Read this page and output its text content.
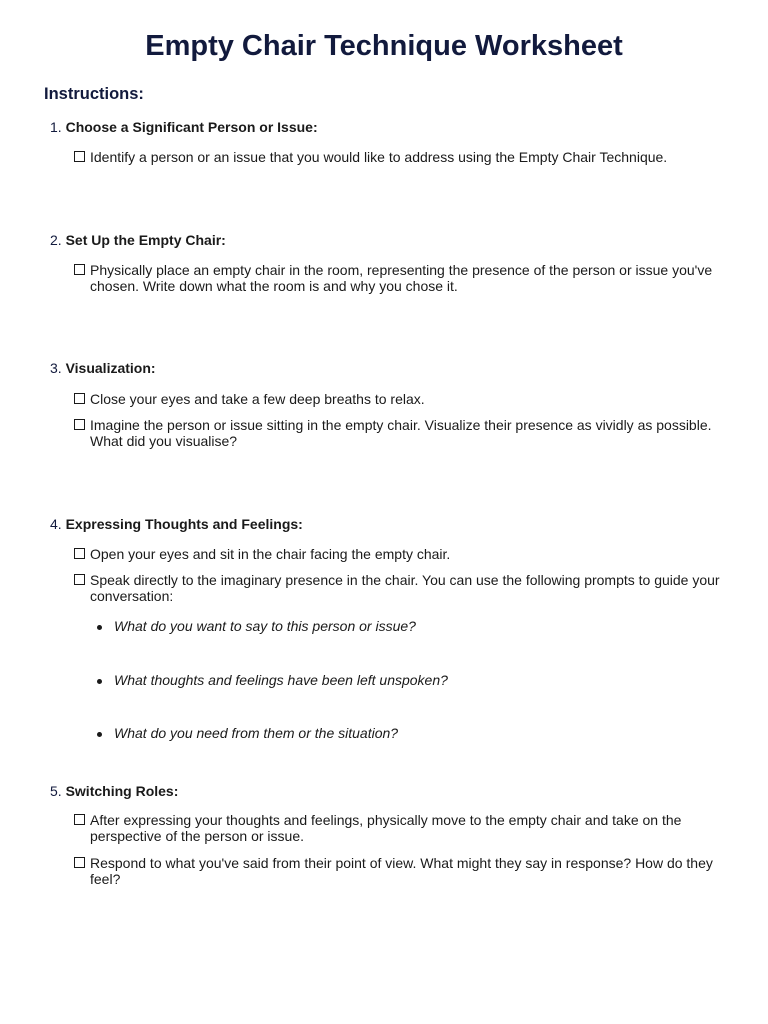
Empty Chair Technique Worksheet
Instructions:
1. Choose a Significant Person or Issue:
Identify a person or an issue that you would like to address using the Empty Chair Technique.
2. Set Up the Empty Chair:
Physically place an empty chair in the room, representing the presence of the person or issue you've chosen. Write down what the room is and why you chose it.
3. Visualization:
Close your eyes and take a few deep breaths to relax.
Imagine the person or issue sitting in the empty chair. Visualize their presence as vividly as possible. What did you visualise?
4. Expressing Thoughts and Feelings:
Open your eyes and sit in the chair facing the empty chair.
Speak directly to the imaginary presence in the chair. You can use the following prompts to guide your conversation:
What do you want to say to this person or issue?
What thoughts and feelings have been left unspoken?
What do you need from them or the situation?
5. Switching Roles:
After expressing your thoughts and feelings, physically move to the empty chair and take on the perspective of the person or issue.
Respond to what you've said from their point of view. What might they say in response? How do they feel?
